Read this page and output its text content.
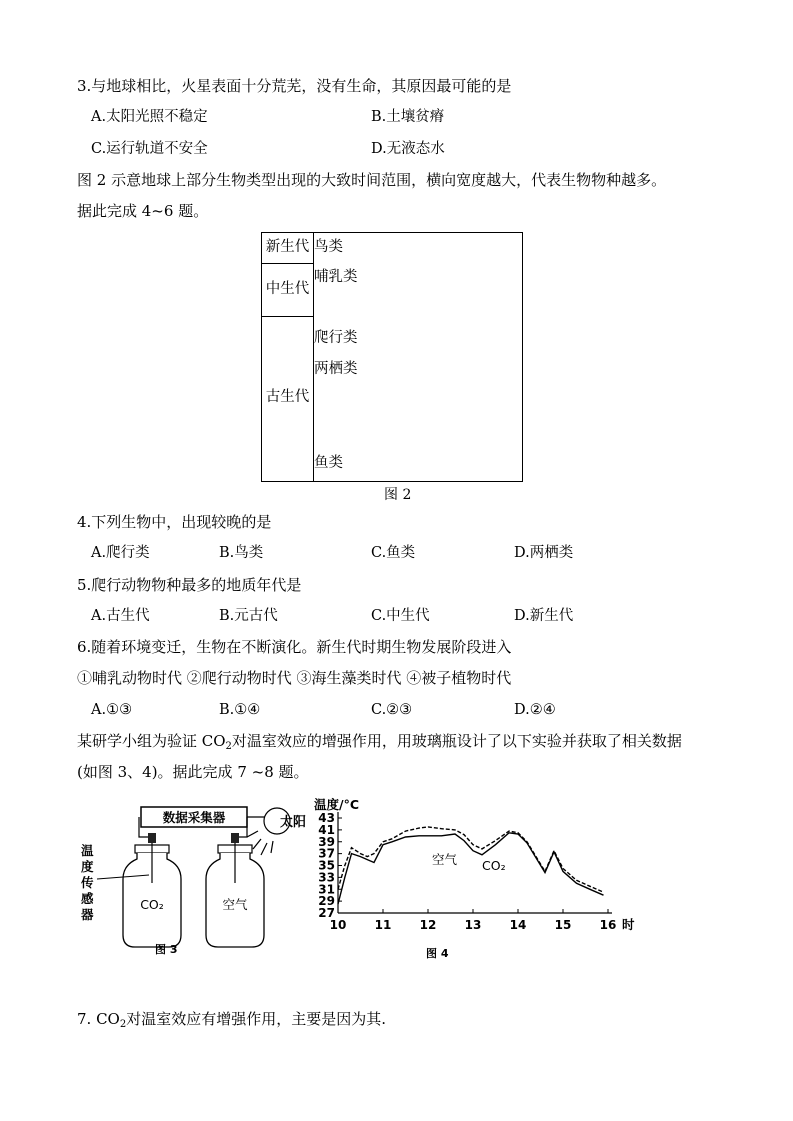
3.与地球相比，火星表面十分荒芜，没有生命，其原因最可能的是
A.太阳光照不稳定	B.土壤贫瘠
C.运行轨道不安全	D.无液态水
图 2 示意地球上部分生物类型出现的大致时间范围，横向宽度越大，代表生物物种越多。
据此完成 4~6 题。
新生代
中生代
古生代
鸟类
哺乳类
爬行类
两栖类
鱼类
图 2
4.下列生物中，出现较晚的是
A.爬行类	B.鸟类	C.鱼类	D.两栖类
5.爬行动物物种最多的地质年代是
A.古生代	B.元古代	C.中生代	D.新生代
6.随着环境变迁，生物在不断演化。新生代时期生物发展阶段进入
①哺乳动物时代 ②爬行动物时代 ③海生藻类时代 ④被子植物时代
A.①③	B.①④	C.②③	D.②④
某研学小组为验证 $CO_2$对温室效应的增强作用，用玻璃瓶设计了以下实验并获取了相关数据
(如图 3、4)。据此完成 7 ~8 题。
数据采集器	太阳
CO₂	空气
温
度
传
感
器
图 3
温度/°C
27
29
31
33
35
37
39
41
43
10 11 12 13 14 15 16 时
CO₂
空气
图 4
7. $CO_2$对温室效应有增强作用，主要是因为其.
